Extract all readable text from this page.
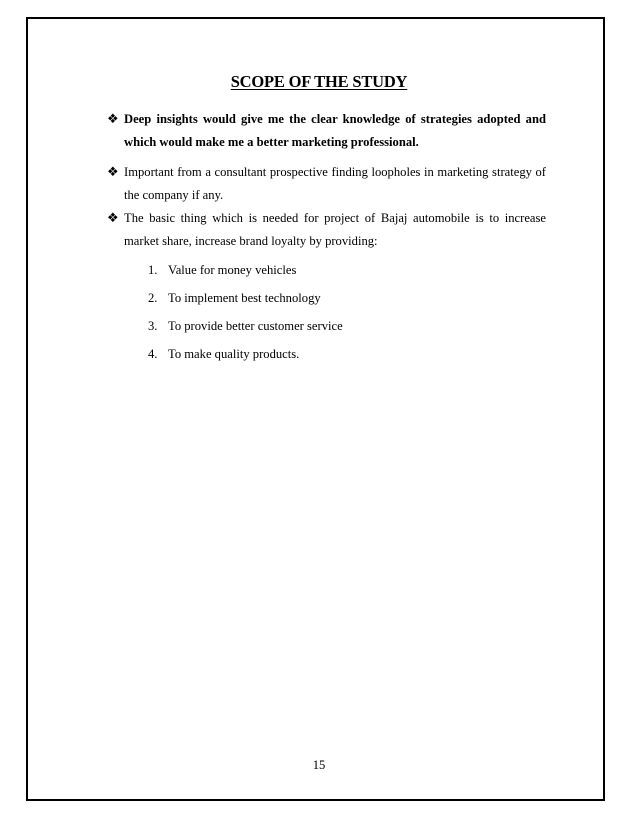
SCOPE OF THE STUDY
❖ Deep insights would give me the clear knowledge of strategies adopted and which would make me a better marketing professional.
❖ Important from a consultant prospective finding loopholes in marketing strategy of the company if any.
❖ The basic thing which is needed for project of Bajaj automobile is to increase market share, increase brand loyalty by providing:
1. Value for money vehicles
2. To implement best technology
3. To provide better customer service
4. To make quality products.
15
